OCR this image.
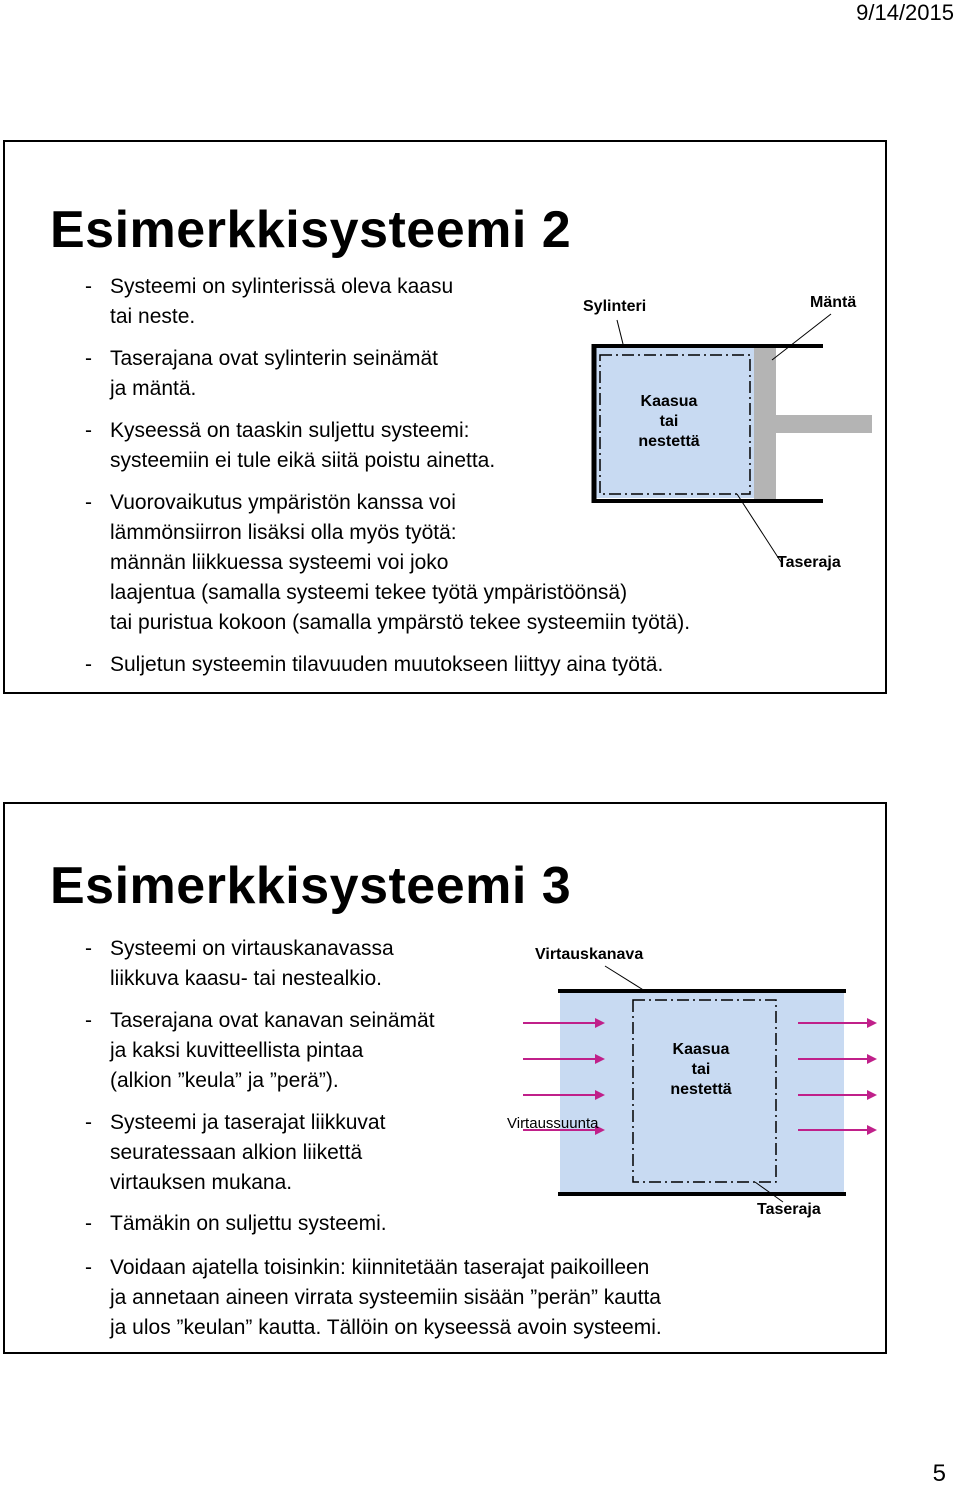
9/14/2015
Esimerkkisysteemi 2
Sylinteri	Mäntä
Kaasua
tai
nestettä
Taseraja
- Systeemi on sylinterissä oleva kaasu
tai neste.
- Taserajana ovat sylinterin seinämät
ja mäntä.
- Kyseessä on taaskin suljettu systeemi:
systeemiin ei tule eikä siitä poistu ainetta.
- Vuorovaikutus ympäristön kanssa voi
lämmönsiirron lisäksi olla myös työtä:
männän liikkuessa systeemi voi joko
laajentua (samalla systeemi tekee työtä ympäristöönsä)
tai puristua kokoon (samalla ympärstö tekee systeemiin työtä).
- Suljetun systeemin tilavuuden muutokseen liittyy aina työtä.
Esimerkkisysteemi 3
Virtauskanava
Kaasua
tai
nestettä
Virtaussuunta
Taseraja
- Systeemi on virtauskanavassa
liikkuva kaasu- tai nestealkio.
- Taserajana ovat kanavan seinämät
ja kaksi kuvitteellista pintaa
(alkion ”keula” ja ”perä”).
- Systeemi ja taserajat liikkuvat
seuratessaan alkion liikettä
virtauksen mukana.
- Tämäkin on suljettu systeemi.
- Voidaan ajatella toisinkin: kiinnitetään taserajat paikoilleen
ja annetaan aineen virrata systeemiin sisään ”perän” kautta
ja ulos ”keulan” kautta. Tällöin on kyseessä avoin systeemi.
5
